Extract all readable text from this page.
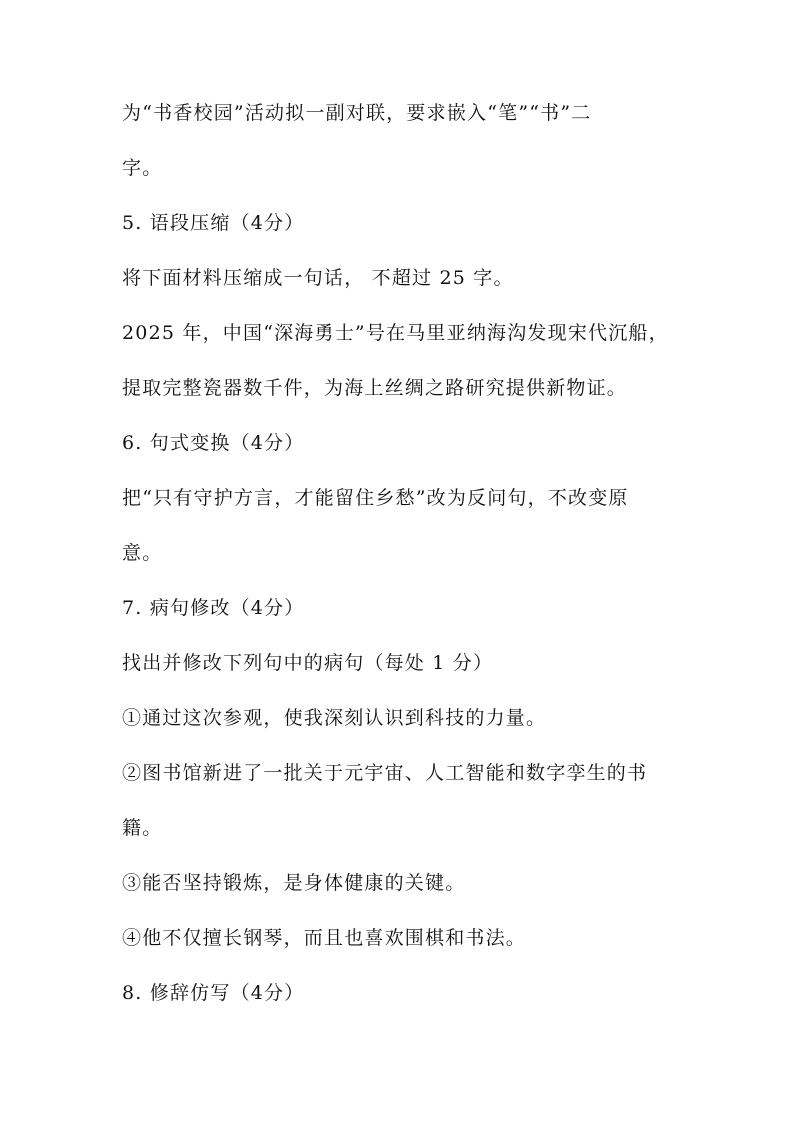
为“书香校园”活动拟一副对联，要求嵌入“笔”“书”二
字。
5. 语段压缩（4分）
将下面材料压缩成一句话， 不超过 25 字。
2025 年，中国“深海勇士”号在马里亚纳海沟发现宋代沉船，
提取完整瓷器数千件，为海上丝绸之路研究提供新物证。
6. 句式变换（4分）
把“只有守护方言，才能留住乡愁”改为反问句，不改变原
意。
7. 病句修改（4分）
找出并修改下列句中的病句（每处 1 分）
①通过这次参观，使我深刻认识到科技的力量。
②图书馆新进了一批关于元宇宙、人工智能和数字孪生的书
籍。
③能否坚持锻炼，是身体健康的关键。
④他不仅擅长钢琴，而且也喜欢围棋和书法。
8. 修辞仿写（4分）
